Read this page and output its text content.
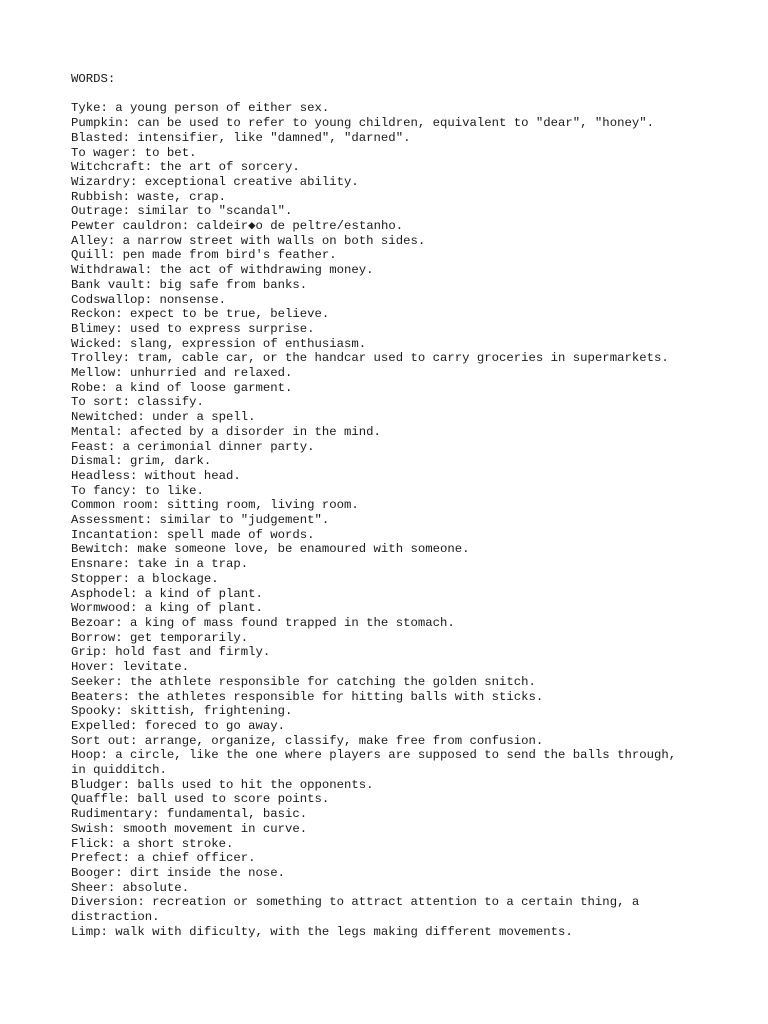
WORDS:
Tyke: a young person of either sex.
Pumpkin: can be used to refer to young children, equivalent to "dear", "honey".
Blasted: intensifier, like "damned", "darned".
To wager: to bet.
Witchcraft: the art of sorcery.
Wizardry: exceptional creative ability.
Rubbish: waste, crap.
Outrage: similar to "scandal".
Pewter cauldron: caldeir◆o de peltre/estanho.
Alley: a narrow street with walls on both sides.
Quill: pen made from bird's feather.
Withdrawal: the act of withdrawing money.
Bank vault: big safe from banks.
Codswallop: nonsense.
Reckon: expect to be true, believe.
Blimey: used to express surprise.
Wicked: slang, expression of enthusiasm.
Trolley: tram, cable car, or the handcar used to carry groceries in supermarkets.
Mellow: unhurried and relaxed.
Robe: a kind of loose garment.
To sort: classify.
Newitched: under a spell.
Mental: afected by a disorder in the mind.
Feast: a cerimonial dinner party.
Dismal: grim, dark.
Headless: without head.
To fancy: to like.
Common room: sitting room, living room.
Assessment: similar to "judgement".
Incantation: spell made of words.
Bewitch: make someone love, be enamoured with someone.
Ensnare: take in a trap.
Stopper: a blockage.
Asphodel: a kind of plant.
Wormwood: a king of plant.
Bezoar: a king of mass found trapped in the stomach.
Borrow: get temporarily.
Grip: hold fast and firmly.
Hover: levitate.
Seeker: the athlete responsible for catching the golden snitch.
Beaters: the athletes responsible for hitting balls with sticks.
Spooky: skittish, frightening.
Expelled: foreced to go away.
Sort out: arrange, organize, classify, make free from confusion.
Hoop: a circle, like the one where players are supposed to send the balls through,
in quidditch.
Bludger: balls used to hit the opponents.
Quaffle: ball used to score points.
Rudimentary: fundamental, basic.
Swish: smooth movement in curve.
Flick: a short stroke.
Prefect: a chief officer.
Booger: dirt inside the nose.
Sheer: absolute.
Diversion: recreation or something to attract attention to a certain thing, a
distraction.
Limp: walk with dificulty, with the legs making different movements.
